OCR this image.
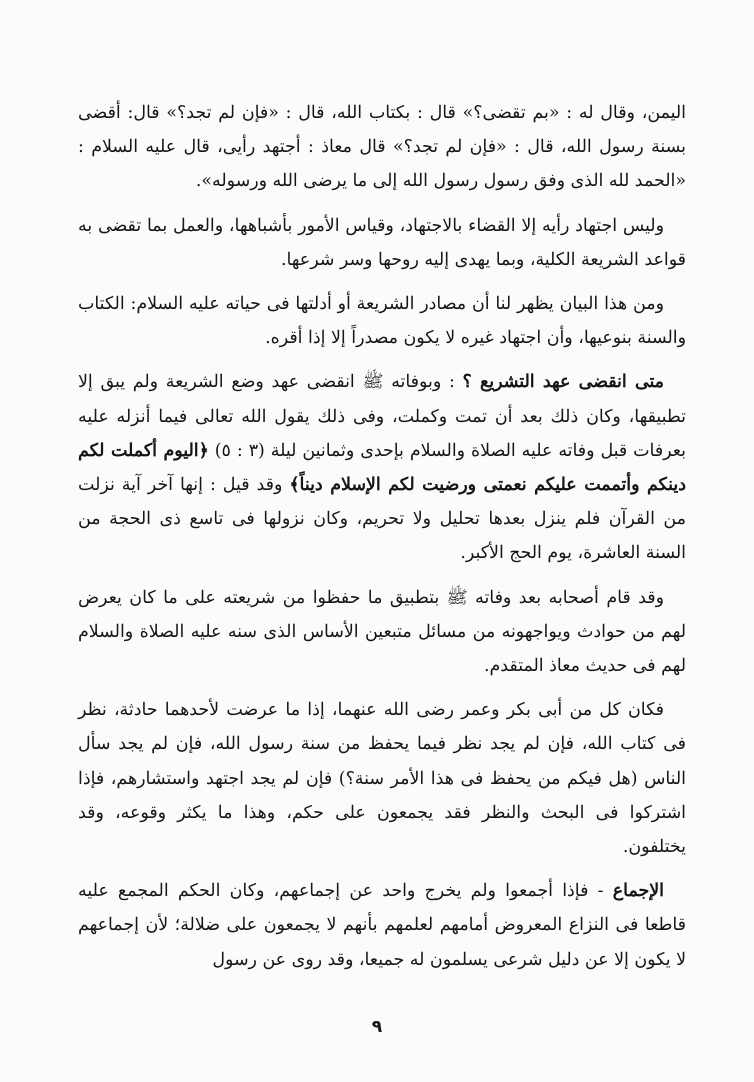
اليمن، وقال له : «بم تقضى؟» قال : بكتاب الله، قال : «فإن لم تجد؟» قال: أقضى بسنة رسول الله، قال : «فإن لم تجد؟» قال معاذ : أجتهد رأيى، قال عليه السلام : «الحمد لله الذى وفق رسول رسول الله إلى ما يرضى الله ورسوله».

وليس اجتهاد رأيه إلا القضاء بالاجتهاد، وقياس الأمور بأشباهها، والعمل بما تقضى به قواعد الشريعة الكلية، وبما يهدى إليه روحها وسر شرعها.

ومن هذا البيان يظهر لنا أن مصادر الشريعة أو أدلتها فى حياته عليه السلام: الكتاب والسنة بنوعيها، وأن اجتهاد غيره لا يكون مصدراً إلا إذا أقره.

متى انقضى عهد التشريع ؟ : وبوفاته ﷺ انقضى عهد وضع الشريعة ولم يبق إلا تطبيقها، وكان ذلك بعد أن تمت وكملت، وفى ذلك يقول الله تعالى فيما أنزله عليه بعرفات قبل وفاته عليه الصلاة والسلام بإحدى وثمانين ليلة (٣ : ٥) ﴿اليوم أكملت لكم دينكم وأتممت عليكم نعمتى ورضيت لكم الإسلام ديناً﴾ وقد قيل : إنها آخر آية نزلت من القرآن فلم ينزل بعدها تحليل ولا تحريم، وكان نزولها فى تاسع ذى الحجة من السنة العاشرة، يوم الحج الأكبر.

وقد قام أصحابه بعد وفاته ﷺ بتطبيق ما حفظوا من شريعته على ما كان يعرض لهم من حوادث ويواجهونه من مسائل متبعين الأساس الذى سنه عليه الصلاة والسلام لهم فى حديث معاذ المتقدم.

فكان كل من أبى بكر وعمر رضى الله عنهما، إذا ما عرضت لأحدهما حادثة، نظر فى كتاب الله، فإن لم يجد نظر فيما يحفظ من سنة رسول الله، فإن لم يجد سأل الناس (هل فيكم من يحفظ فى هذا الأمر سنة؟) فإن لم يجد اجتهد واستشارهم، فإذا اشتركوا فى البحث والنظر فقد يجمعون على حكم، وهذا ما يكثر وقوعه، وقد يختلفون.

الإجماع - فإذا أجمعوا ولم يخرج واحد عن إجماعهم، وكان الحكم المجمع عليه قاطعا فى النزاع المعروض أمامهم لعلمهم بأنهم لا يجمعون على ضلالة؛ لأن إجماعهم لا يكون إلا عن دليل شرعى يسلمون له جميعا، وقد روى عن رسول

٩
